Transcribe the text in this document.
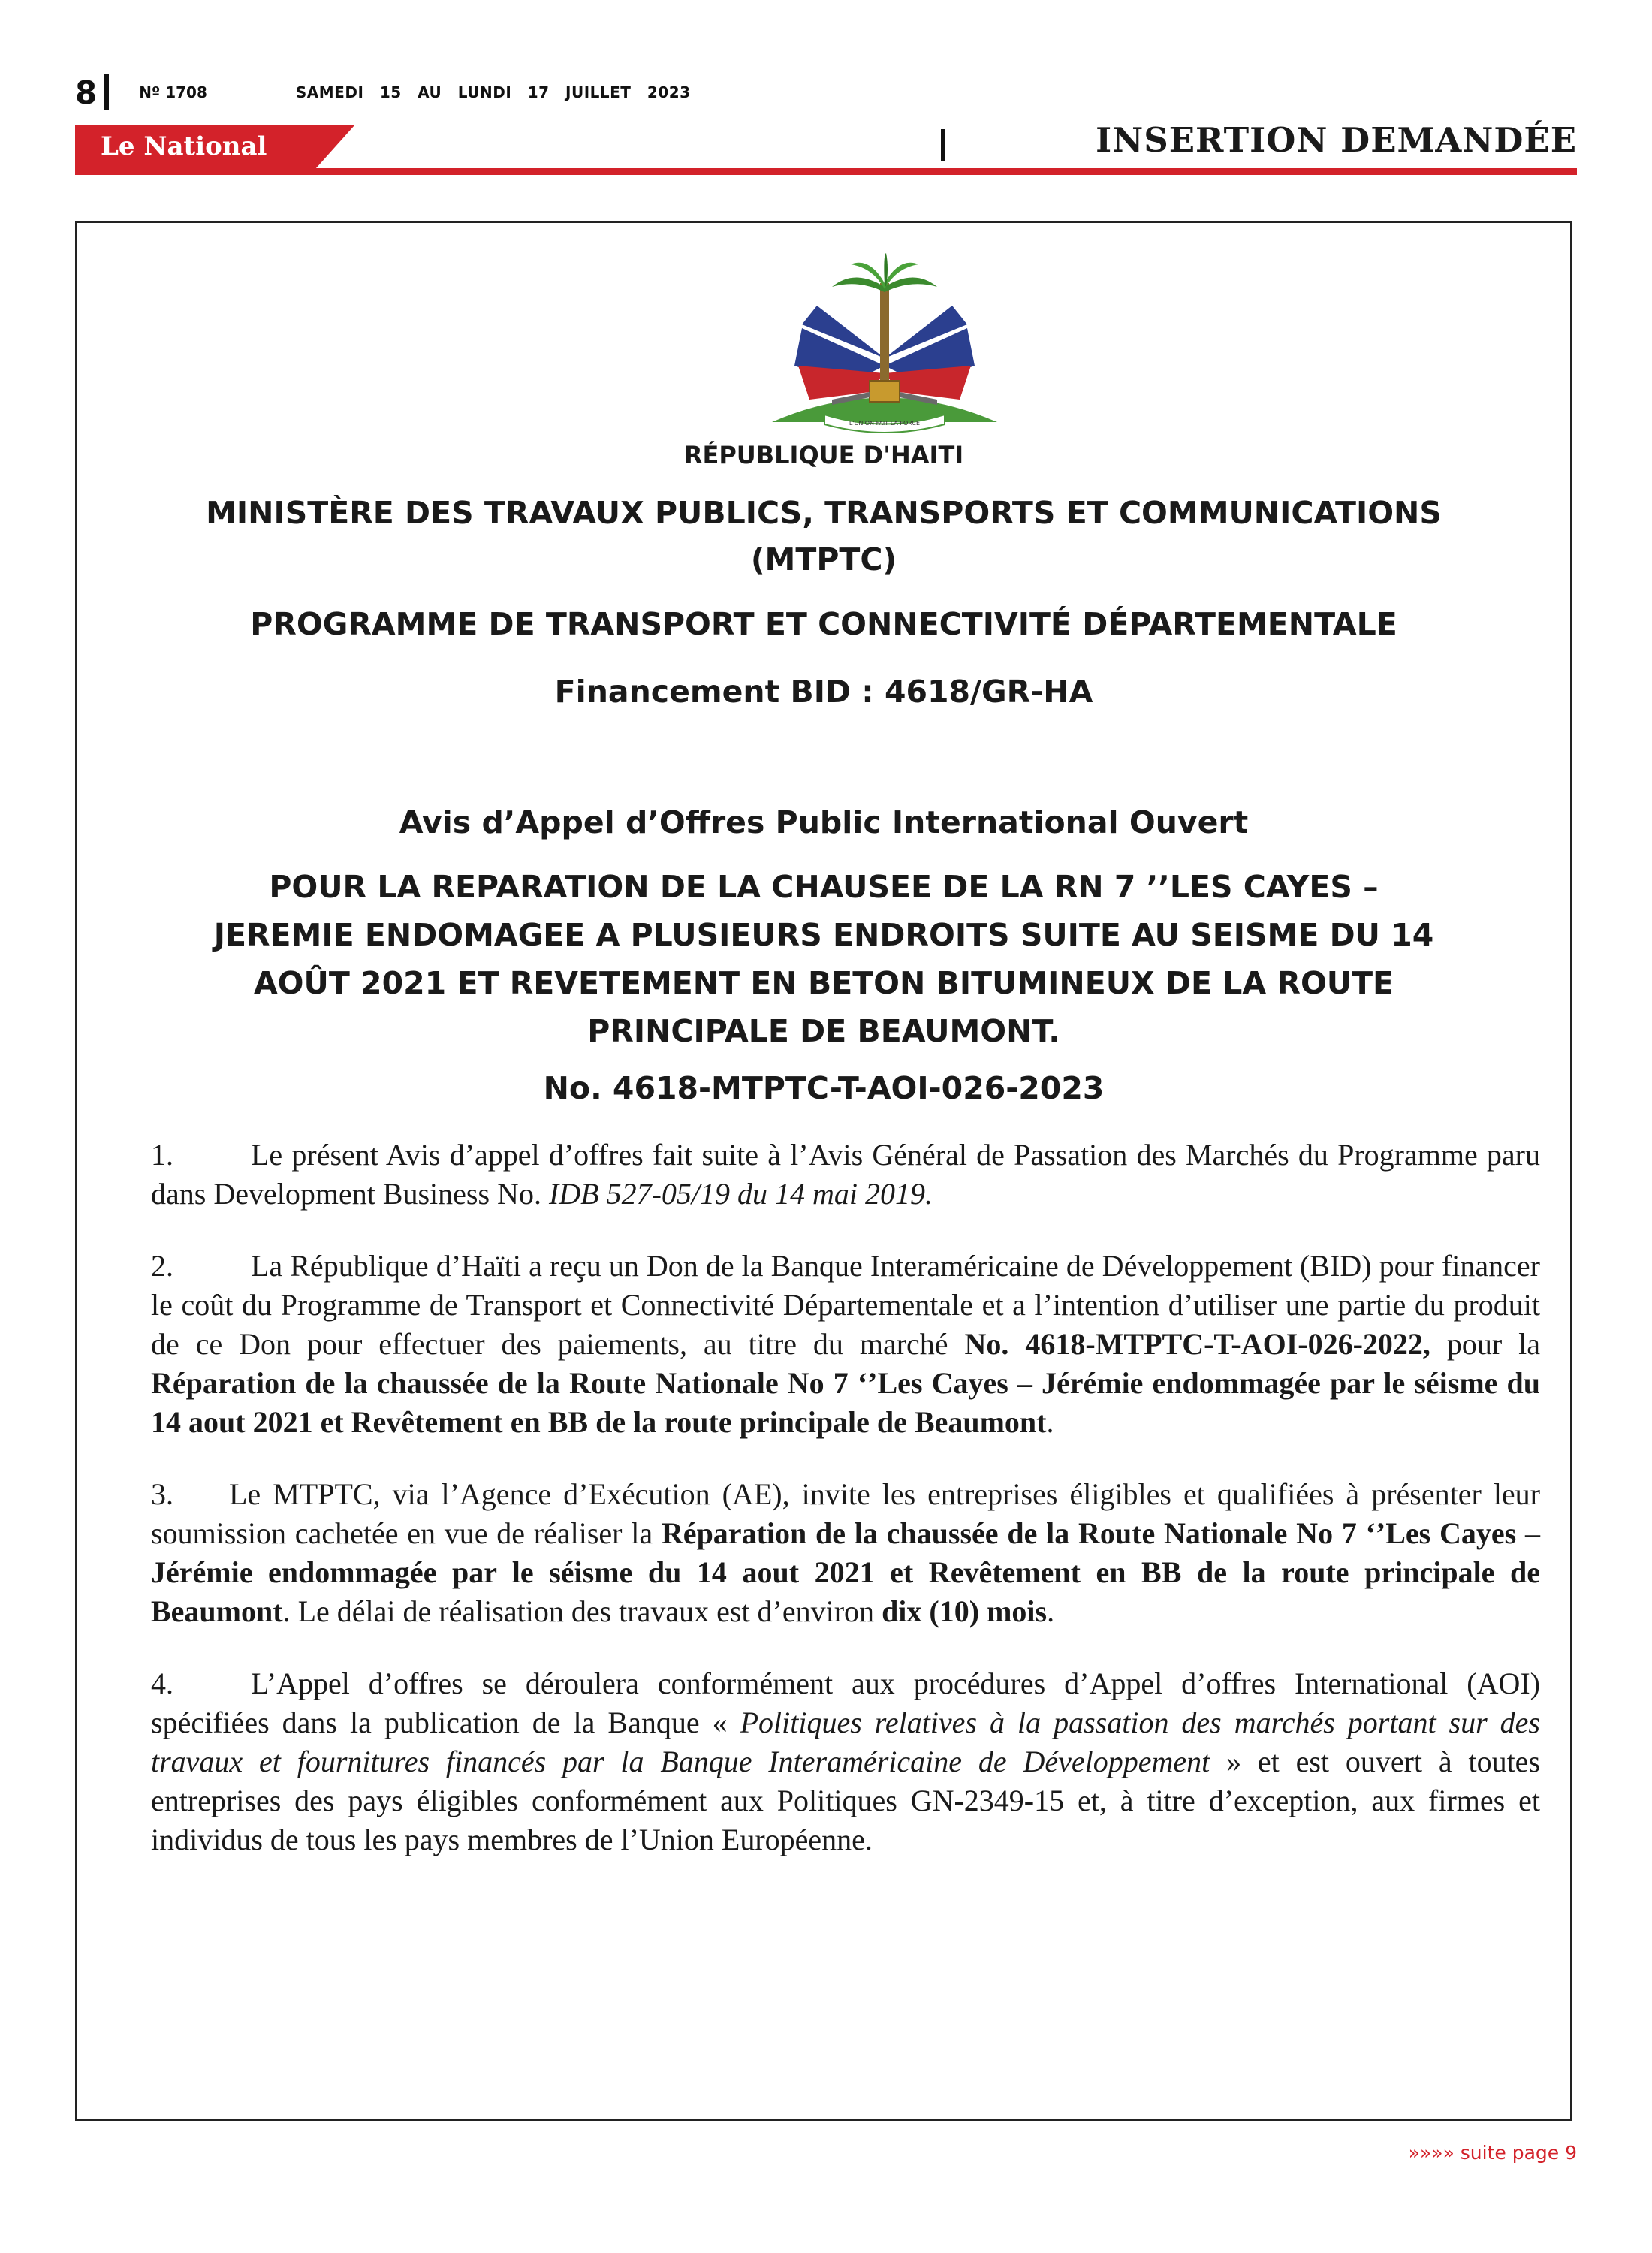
8	Nº 1708	SAMEDI 15 AU LUNDI 17 JUILLET 2023
Le National	INSERTION DEMANDÉE
L'UNION FAIT LA FORCE
RÉPUBLIQUE D'HAITI
MINISTÈRE DES TRAVAUX PUBLICS, TRANSPORTS ET COMMUNICATIONS
(MTPTC)
PROGRAMME DE TRANSPORT ET CONNECTIVITÉ DÉPARTEMENTALE
Financement BID : 4618/GR-HA
Avis d’Appel d’Offres Public International Ouvert
POUR LA REPARATION DE LA CHAUSEE DE LA RN 7 ’’LES CAYES – JEREMIE ENDOMAGEE A PLUSIEURS ENDROITS SUITE AU SEISME DU 14 AOÛT 2021 ET REVETEMENT EN BETON BITUMINEUX DE LA ROUTE PRINCIPALE DE BEAUMONT.
No. 4618-MTPTC-T-AOI-026-2023

1.	Le présent Avis d’appel d’offres fait suite à l’Avis Général de Passation des Marchés du Programme paru dans Development Business No. IDB 527-05/19 du 14 mai 2019.

2.	La République d’Haïti a reçu un Don de la Banque Interaméricaine de Développement (BID) pour financer le coût du Programme de Transport et Connectivité Départementale et a l’intention d’utiliser une partie du produit de ce Don pour effectuer des paiements, au titre du marché No. 4618-MTPTC-T-AOI-026-2022, pour la Réparation de la chaussée de la Route Nationale No 7 ‘’Les Cayes – Jérémie endommagée par le séisme du 14 aout 2021 et Revêtement en BB de la route principale de Beaumont.

3. Le MTPTC, via l’Agence d’Exécution (AE), invite les entreprises éligibles et qualifiées à présenter leur soumission cachetée en vue de réaliser la Réparation de la chaussée de la Route Nationale No 7 ‘’Les Cayes – Jérémie endommagée par le séisme du 14 aout 2021 et Revêtement en BB de la route principale de Beaumont. Le délai de réalisation des travaux est d’environ dix (10) mois.

4.	L’Appel d’offres se déroulera conformément aux procédures d’Appel d’offres International (AOI) spécifiées dans la publication de la Banque « Politiques relatives à la passation des marchés portant sur des travaux et fournitures financés par la Banque Interaméricaine de Développement » et est ouvert à toutes entreprises des pays éligibles conformément aux Politiques GN-2349-15 et, à titre d’exception, aux firmes et individus de tous les pays membres de l’Union Européenne.

»»»» suite page 9
